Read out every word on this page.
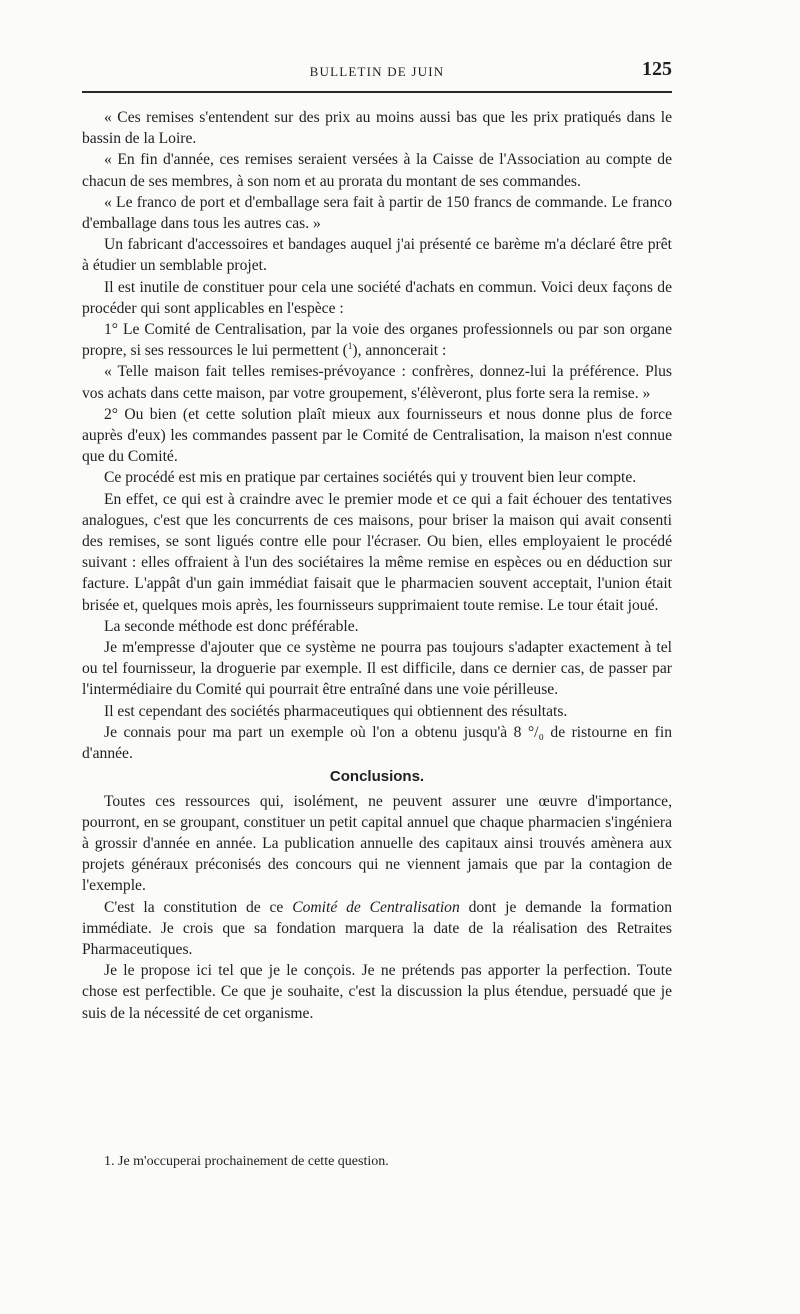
BULLETIN DE JUIN	125

« Ces remises s'entendent sur des prix au moins aussi bas que les prix pratiqués dans le bassin de la Loire.

« En fin d'année, ces remises seraient versées à la Caisse de l'Association au compte de chacun de ses membres, à son nom et au prorata du montant de ses commandes.

« Le franco de port et d'emballage sera fait à partir de 150 francs de commande. Le franco d'emballage dans tous les autres cas. »

Un fabricant d'accessoires et bandages auquel j'ai présenté ce barème m'a déclaré être prêt à étudier un semblable projet.

Il est inutile de constituer pour cela une société d'achats en commun. Voici deux façons de procéder qui sont applicables en l'espèce :

1° Le Comité de Centralisation, par la voie des organes professionnels ou par son organe propre, si ses ressources le lui permettent ($^1$), annoncerait :

« Telle maison fait telles remises-prévoyance : confrères, donnez-lui la préférence. Plus vos achats dans cette maison, par votre groupement, s'élèveront, plus forte sera la remise. »

2° Ou bien (et cette solution plaît mieux aux fournisseurs et nous donne plus de force auprès d'eux) les commandes passent par le Comité de Centralisation, la maison n'est connue que du Comité.

Ce procédé est mis en pratique par certaines sociétés qui y trouvent bien leur compte.

En effet, ce qui est à craindre avec le premier mode et ce qui a fait échouer des tentatives analogues, c'est que les concurrents de ces maisons, pour briser la maison qui avait consenti des remises, se sont ligués contre elle pour l'écraser. Ou bien, elles employaient le procédé suivant : elles offraient à l'un des sociétaires la même remise en espèces ou en déduction sur facture. L'appât d'un gain immédiat faisait que le pharmacien souvent acceptait, l'union était brisée et, quelques mois après, les fournisseurs supprimaient toute remise. Le tour était joué.

La seconde méthode est donc préférable.

Je m'empresse d'ajouter que ce système ne pourra pas toujours s'adapter exactement à tel ou tel fournisseur, la droguerie par exemple. Il est difficile, dans ce dernier cas, de passer par l'intermédiaire du Comité qui pourrait être entraîné dans une voie périlleuse.

Il est cependant des sociétés pharmaceutiques qui obtiennent des résultats.

Je connais pour ma part un exemple où l'on a obtenu jusqu'à 8 °/₀ de ristourne en fin d'année.

Conclusions.

Toutes ces ressources qui, isolément, ne peuvent assurer une œuvre d'importance, pourront, en se groupant, constituer un petit capital annuel que chaque pharmacien s'ingéniera à grossir d'année en année. La publication annuelle des capitaux ainsi trouvés amènera aux projets généraux préconisés des concours qui ne viennent jamais que par la contagion de l'exemple.

C'est la constitution de ce Comité de Centralisation dont je demande la formation immédiate. Je crois que sa fondation marquera la date de la réalisation des Retraites Pharmaceutiques.

Je le propose ici tel que je le conçois. Je ne prétends pas apporter la perfection. Toute chose est perfectible. Ce que je souhaite, c'est la discussion la plus étendue, persuadé que je suis de la nécessité de cet organisme.

1. Je m'occuperai prochainement de cette question.
